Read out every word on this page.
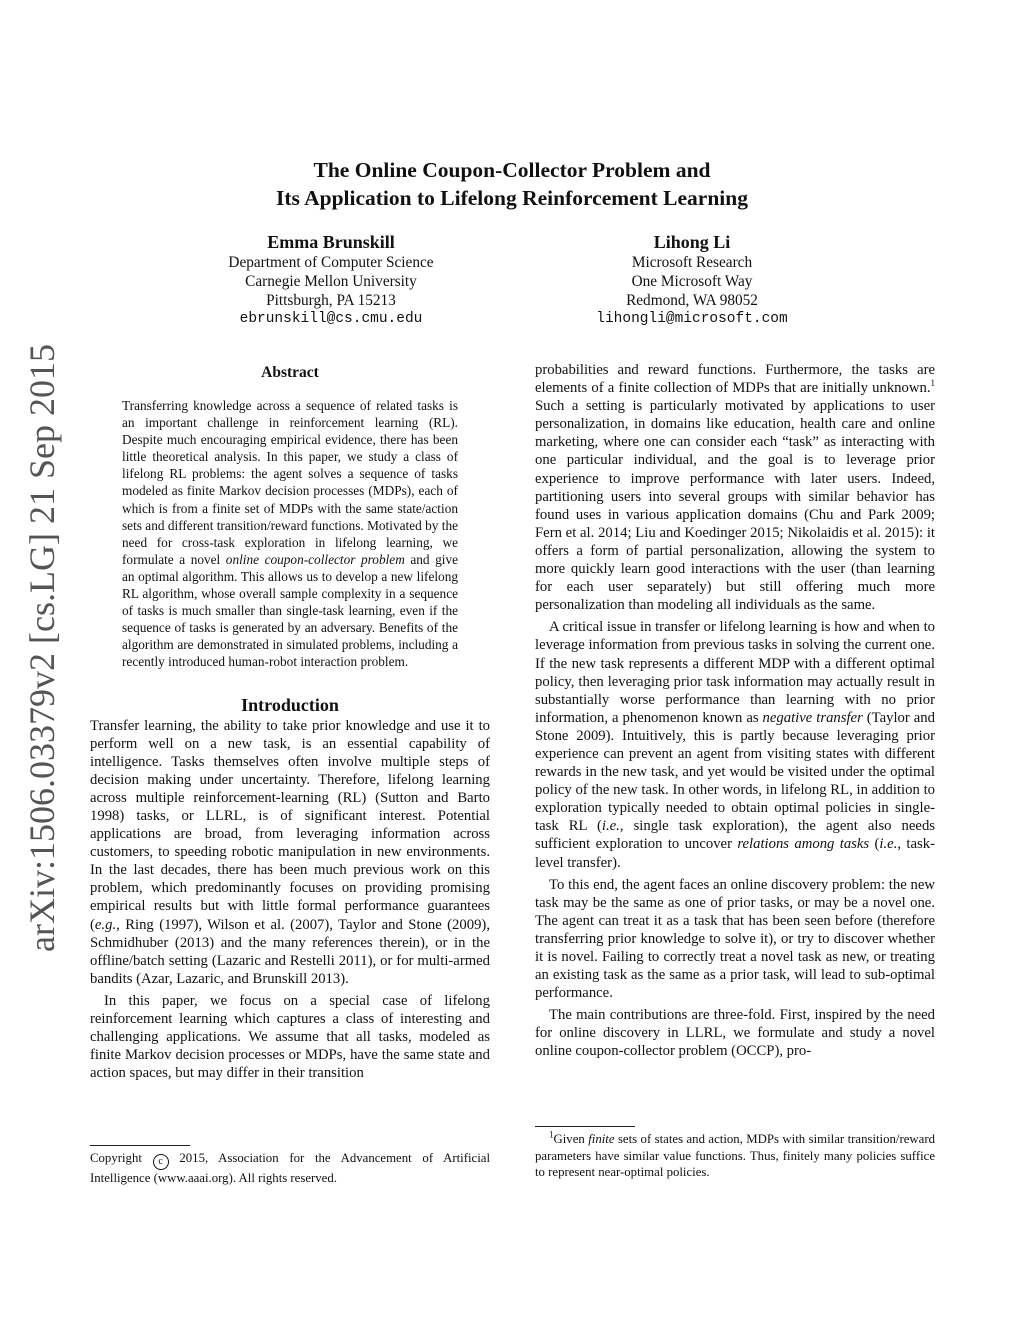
The Online Coupon-Collector Problem and
Its Application to Lifelong Reinforcement Learning
Emma Brunskill
Department of Computer Science
Carnegie Mellon University
Pittsburgh, PA 15213
ebrunskill@cs.cmu.edu
Lihong Li
Microsoft Research
One Microsoft Way
Redmond, WA 98052
lihongli@microsoft.com
arXiv:1506.03379v2 [cs.LG] 21 Sep 2015	Abstract

Transferring knowledge across a sequence of related tasks is an important challenge in reinforcement learning (RL). Despite much encouraging empirical evidence, there has been little theoretical analysis. In this paper, we study a class of lifelong RL problems: the agent solves a sequence of tasks modeled as finite Markov decision processes (MDPs), each of which is from a finite set of MDPs with the same state/action sets and different transition/reward functions. Motivated by the need for cross-task exploration in lifelong learning, we formulate a novel online coupon-collector problem and give an optimal algorithm. This allows us to develop a new lifelong RL algorithm, whose overall sample complexity in a sequence of tasks is much smaller than single-task learning, even if the sequence of tasks is generated by an adversary. Benefits of the algorithm are demonstrated in simulated problems, including a recently introduced human-robot interaction problem.

Introduction

Transfer learning, the ability to take prior knowledge and use it to perform well on a new task, is an essential capability of intelligence. Tasks themselves often involve multiple steps of decision making under uncertainty. Therefore, lifelong learning across multiple reinforcement-learning (RL) (Sutton and Barto 1998) tasks, or LLRL, is of significant interest. Potential applications are broad, from leveraging information across customers, to speeding robotic manipulation in new environments. In the last decades, there has been much previous work on this problem, which predominantly focuses on providing promising empirical results but with little formal performance guarantees (e.g., Ring (1997), Wilson et al. (2007), Taylor and Stone (2009), Schmidhuber (2013) and the many references therein), or in the offline/batch setting (Lazaric and Restelli 2011), or for multi-armed bandits (Azar, Lazaric, and Brunskill 2013).

In this paper, we focus on a special case of lifelong reinforcement learning which captures a class of interesting and challenging applications. We assume that all tasks, modeled as finite Markov decision processes or MDPs, have the same state and action spaces, but may differ in their transition

Copyright c 2015, Association for the Advancement of Artificial Intelligence (www.aaai.org). All rights reserved.

probabilities and reward functions. Furthermore, the tasks are elements of a finite collection of MDPs that are initially unknown.$^1$ Such a setting is particularly motivated by applications to user personalization, in domains like education, health care and online marketing, where one can consider each “task” as interacting with one particular individual, and the goal is to leverage prior experience to improve performance with later users. Indeed, partitioning users into several groups with similar behavior has found uses in various application domains (Chu and Park 2009; Fern et al. 2014; Liu and Koedinger 2015; Nikolaidis et al. 2015): it offers a form of partial personalization, allowing the system to more quickly learn good interactions with the user (than learning for each user separately) but still offering much more personalization than modeling all individuals as the same.

A critical issue in transfer or lifelong learning is how and when to leverage information from previous tasks in solving the current one. If the new task represents a different MDP with a different optimal policy, then leveraging prior task information may actually result in substantially worse performance than learning with no prior information, a phenomenon known as negative transfer (Taylor and Stone 2009). Intuitively, this is partly because leveraging prior experience can prevent an agent from visiting states with different rewards in the new task, and yet would be visited under the optimal policy of the new task. In other words, in lifelong RL, in addition to exploration typically needed to obtain optimal policies in single-task RL (i.e., single task exploration), the agent also needs sufficient exploration to uncover relations among tasks (i.e., task-level transfer).

To this end, the agent faces an online discovery problem: the new task may be the same as one of prior tasks, or may be a novel one. The agent can treat it as a task that has been seen before (therefore transferring prior knowledge to solve it), or try to discover whether it is novel. Failing to correctly treat a novel task as new, or treating an existing task as the same as a prior task, will lead to sub-optimal performance.

The main contributions are three-fold. First, inspired by the need for online discovery in LLRL, we formulate and study a novel online coupon-collector problem (OCCP), pro-

$^1$Given finite sets of states and action, MDPs with similar transition/reward parameters have similar value functions. Thus, finitely many policies suffice to represent near-optimal policies.
